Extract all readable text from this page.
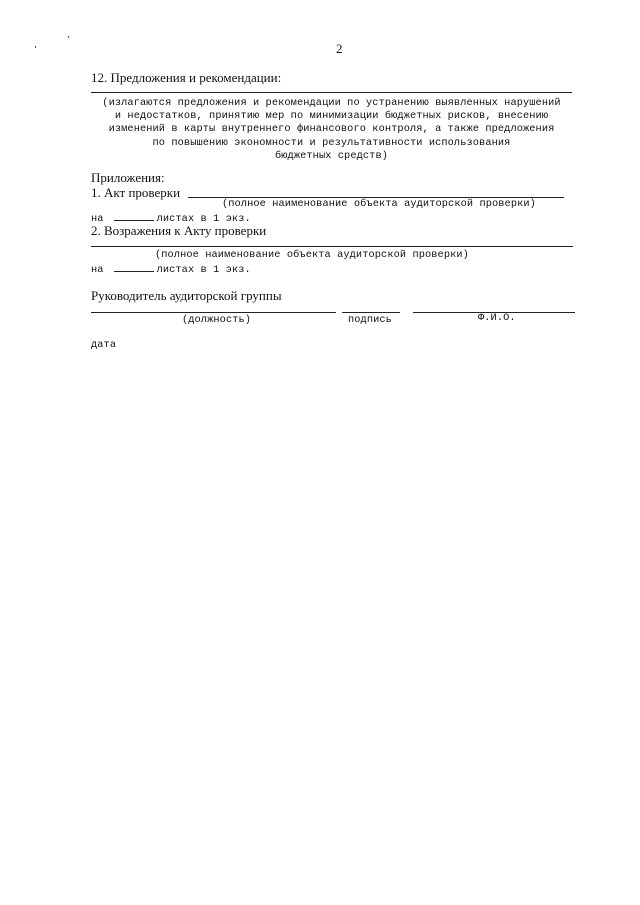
2
12. Предложения и рекомендации:
(излагаются предложения и рекомендации по устранению выявленных нарушений
и недостатков, принятию мер по минимизации бюджетных рисков, внесению
изменений в карты внутреннего финансового контроля, а также предложения
по повышению экономности и результативности использования
бюджетных средств)
Приложения:
1. Акт проверки
(полное наименование объекта аудиторской проверки)
на	листах в 1 экз.
2. Возражения к Акту проверки
(полное наименование объекта аудиторской проверки)
на	листах в 1 экз.
Руководитель аудиторской группы
(должность)	подпись	Ф.И.О.
дата
